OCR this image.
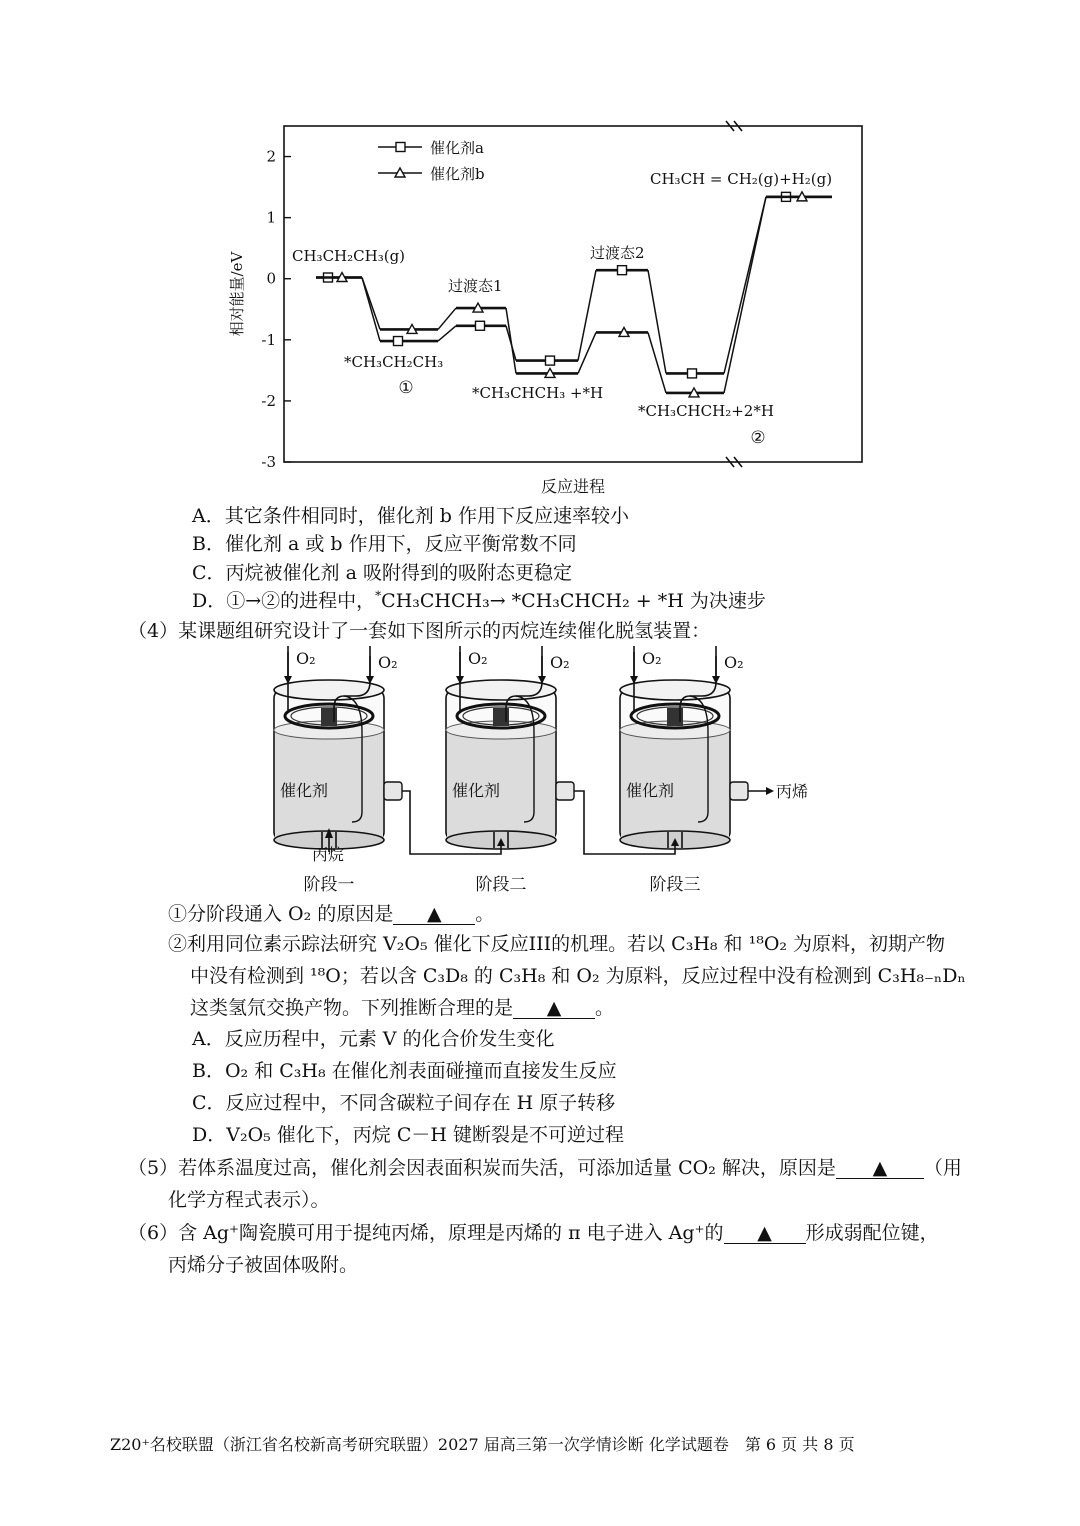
2
1
0
-1
-2
-3
相对能量/eV
反应进程
催化剂a
催化剂b
CH₃CH₂CH₃(g)
*CH₃CH₂CH₃
①
过渡态1
*CH₃CHCH₃ +*H
过渡态2
*CH₃CHCH₂+2*H
②
CH₃CH = CH₂(g)+H₂(g)
A．其它条件相同时，催化剂 b 作用下反应速率较小
B．催化剂 a 或 b 作用下，反应平衡常数不同
C．丙烷被催化剂 a 吸附得到的吸附态更稳定
D．①→②的进程中，*CH₃CHCH₃→ *CH₃CHCH₂ + *H 为决速步
（4）某课题组研究设计了一套如下图所示的丙烷连续催化脱氢装置：
O₂	O₂
催化剂
阶段一
O₂	O₂
催化剂
阶段二
O₂	O₂
催化剂
阶段三
丙烷
丙烯
①分阶段通入 O₂ 的原因是 ▲ 。
②利用同位素示踪法研究 V₂O₅ 催化下反应III的机理。若以 C₃H₈ 和 ¹⁸O₂ 为原料，初期产物
中没有检测到 ¹⁸O；若以含 C₃D₈ 的 C₃H₈ 和 O₂ 为原料，反应过程中没有检测到 C₃H₈₋ₙDₙ
这类氢氘交换产物。下列推断合理的是 ▲ 。
A．反应历程中，元素 V 的化合价发生变化
B．O₂ 和 C₃H₈ 在催化剂表面碰撞而直接发生反应
C．反应过程中，不同含碳粒子间存在 H 原子转移
D．V₂O₅ 催化下，丙烷 C－H 键断裂是不可逆过程
（5）若体系温度过高，催化剂会因表面积炭而失活，可添加适量 CO₂ 解决，原因是 ▲ （用
化学方程式表示）。
（6）含 Ag⁺陶瓷膜可用于提纯丙烯，原理是丙烯的 π 电子进入 Ag⁺的 ▲ 形成弱配位键，
丙烯分子被固体吸附。
Z20⁺名校联盟（浙江省名校新高考研究联盟）2027 届高三第一次学情诊断 化学试题卷　第 6 页 共 8 页
